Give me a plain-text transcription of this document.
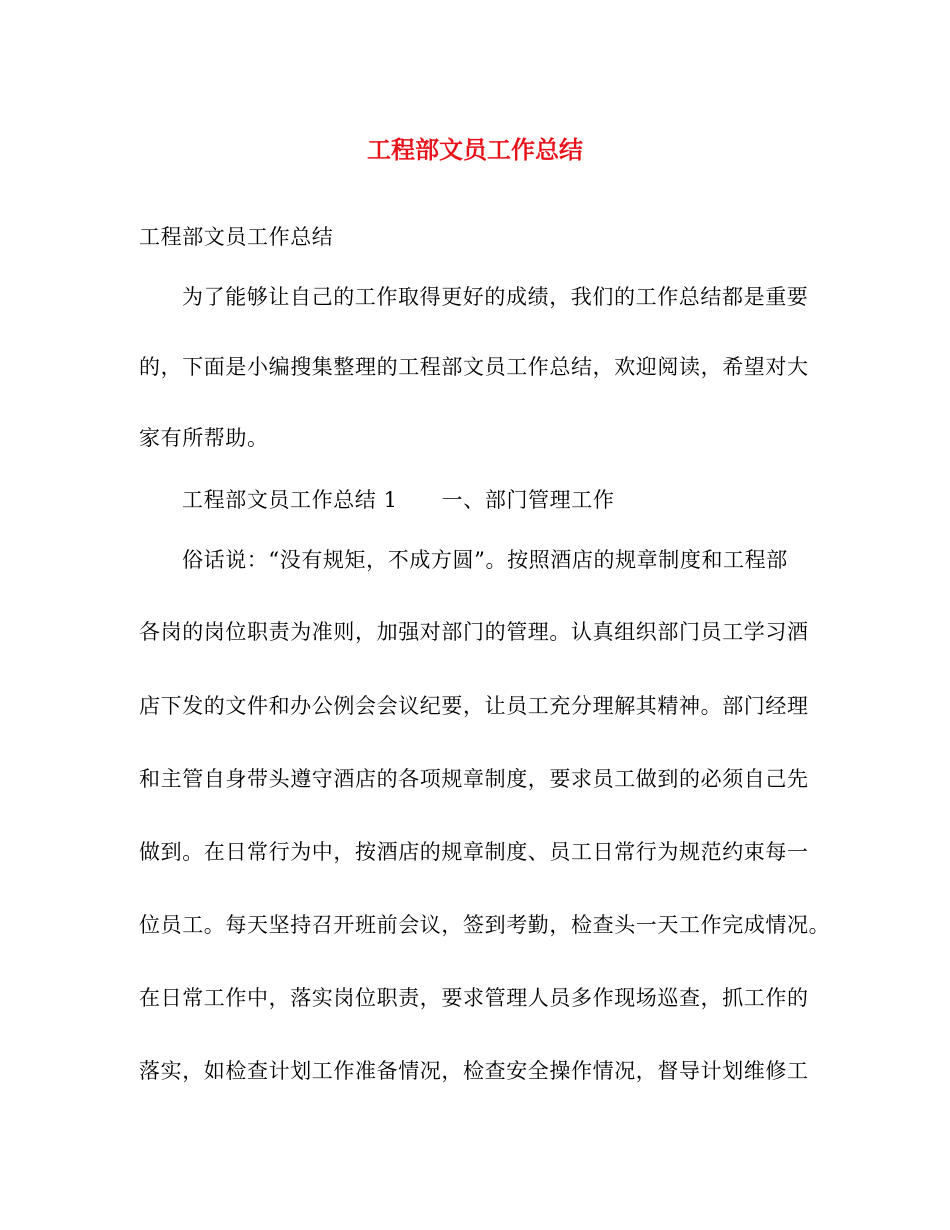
工程部文员工作总结

工程部文员工作总结

为了能够让自己的工作取得更好的成绩，我们的工作总结都是重要

的，下面是小编搜集整理的工程部文员工作总结，欢迎阅读，希望对大

家有所帮助。

工程部文员工作总结 1 一、部门管理工作

俗话说：“没有规矩，不成方圆”。按照酒店的规章制度和工程部

各岗的岗位职责为准则，加强对部门的管理。认真组织部门员工学习酒

店下发的文件和办公例会会议纪要，让员工充分理解其精神。部门经理

和主管自身带头遵守酒店的各项规章制度，要求员工做到的必须自己先

做到。在日常行为中，按酒店的规章制度、员工日常行为规范约束每一

位员工。每天坚持召开班前会议，签到考勤，检查头一天工作完成情况。

在日常工作中，落实岗位职责，要求管理人员多作现场巡查，抓工作的

落实，如检查计划工作准备情况，检查安全操作情况，督导计划维修工
